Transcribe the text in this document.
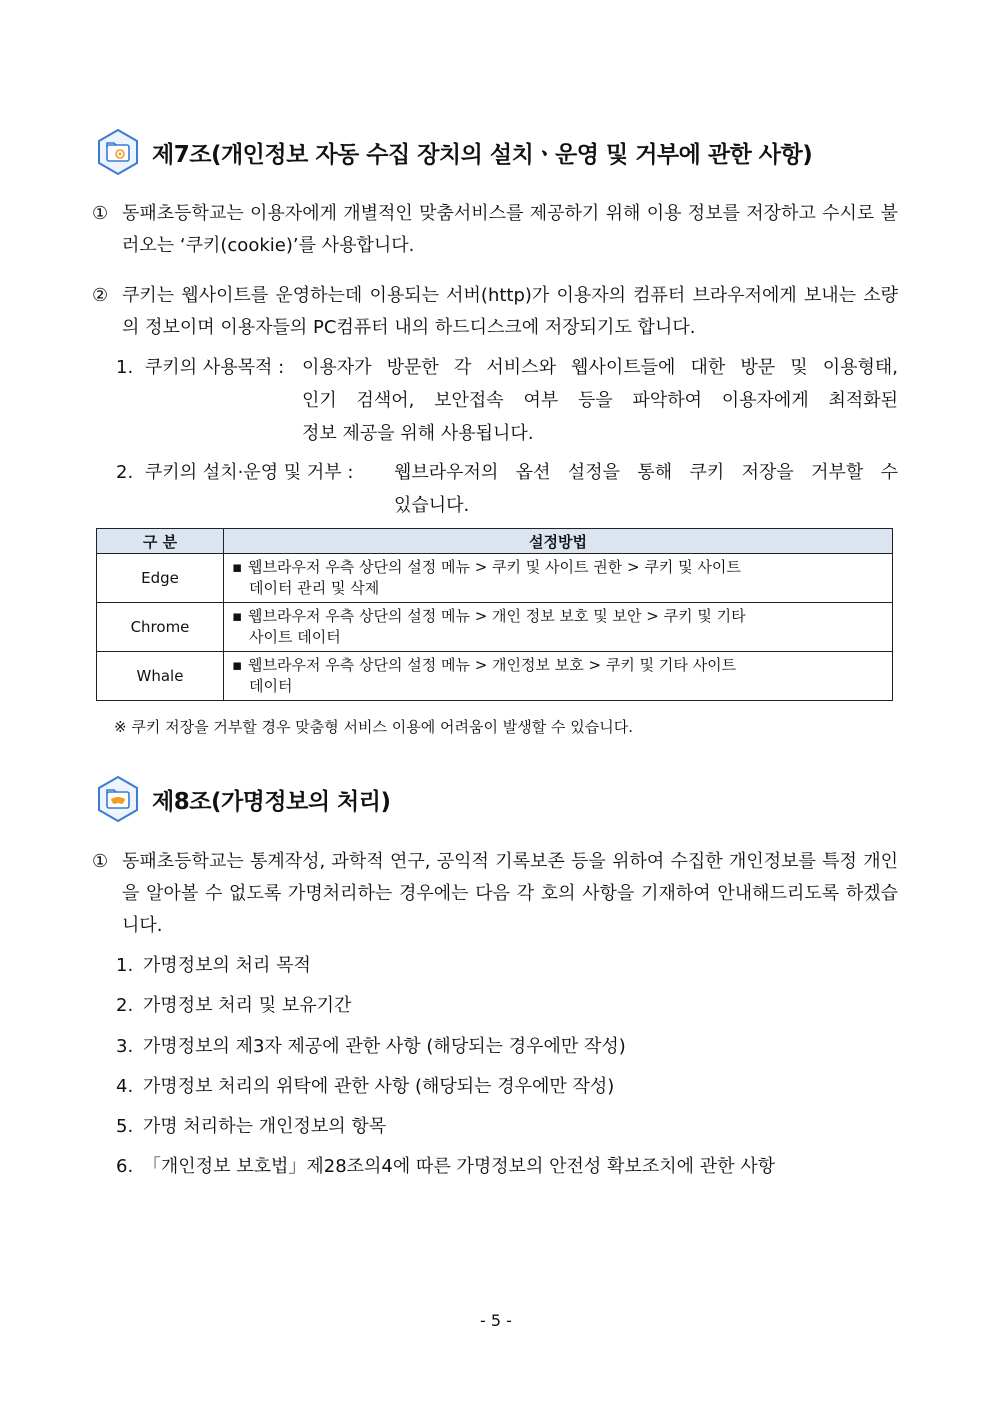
제7조(개인정보 자동 수집 장치의 설치ㆍ운영 및 거부에 관한 사항)
① 동패초등학교는 이용자에게 개별적인 맞춤서비스를 제공하기 위해 이용 정보를 저장하고 수시로 불러오는 ‘쿠키(cookie)’를 사용합니다.
② 쿠키는 웹사이트를 운영하는데 이용되는 서버(http)가 이용자의 컴퓨터 브라우저에게 보내는 소량의 정보이며 이용자들의 PC컴퓨터 내의 하드디스크에 저장되기도 합니다.
1. 쿠키의 사용목적 : 이용자가 방문한 각 서비스와 웹사이트들에 대한 방문 및 이용형태,
인기 검색어, 보안접속 여부 등을 파악하여 이용자에게 최적화된
정보 제공을 위해 사용됩니다.
2. 쿠키의 설치·운영 및 거부 : 웹브라우저의 옵션 설정을 통해 쿠키 저장을 거부할 수
있습니다.
구 분	설정방법
Edge	▪ 웹브라우저 우측 상단의 설정 메뉴 > 쿠키 및 사이트 권한 > 쿠키 및 사이트
데이터 관리 및 삭제

Chrome	▪ 웹브라우저 우측 상단의 설정 메뉴 > 개인 정보 보호 및 보안 > 쿠키 및 기타
사이트 데이터

Whale	▪ 웹브라우저 우측 상단의 설정 메뉴 > 개인정보 보호 > 쿠키 및 기타 사이트
데이터
※ 쿠키 저장을 거부할 경우 맞춤형 서비스 이용에 어려움이 발생할 수 있습니다.
제8조(가명정보의 처리)
① 동패초등학교는 통계작성, 과학적 연구, 공익적 기록보존 등을 위하여 수집한 개인정보를 특정 개인을 알아볼 수 없도록 가명처리하는 경우에는 다음 각 호의 사항을 기재하여 안내해드리도록 하겠습니다.
1. 가명정보의 처리 목적
2. 가명정보 처리 및 보유기간
3. 가명정보의 제3자 제공에 관한 사항 (해당되는 경우에만 작성)
4. 가명정보 처리의 위탁에 관한 사항 (해당되는 경우에만 작성)
5. 가명 처리하는 개인정보의 항목
6. 「개인정보 보호법」제28조의4에 따른 가명정보의 안전성 확보조치에 관한 사항
- 5 -
